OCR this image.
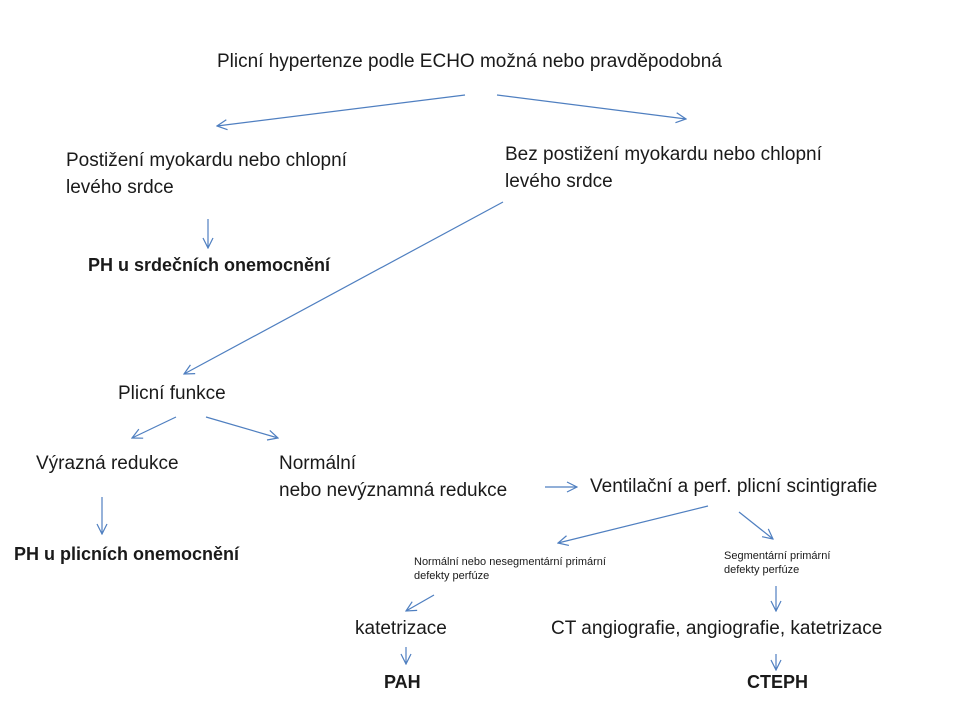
Plicní hypertenze podle ECHO možná nebo pravděpodobná
Postižení myokardu nebo chlopní
levého srdce
Bez postižení myokardu nebo chlopní
levého srdce
PH u srdečních onemocnění
Plicní funkce
Výrazná redukce	Normální
nebo nevýznamná redukce
PH u plicních onemocnění
Ventilační a perf. plicní scintigrafie
Normální nebo nesegmentární primární
defekty perfúze
Segmentární primární
defekty perfúze
katetrizace	CT angiografie, angiografie, katetrizace
PAH	CTEPH
